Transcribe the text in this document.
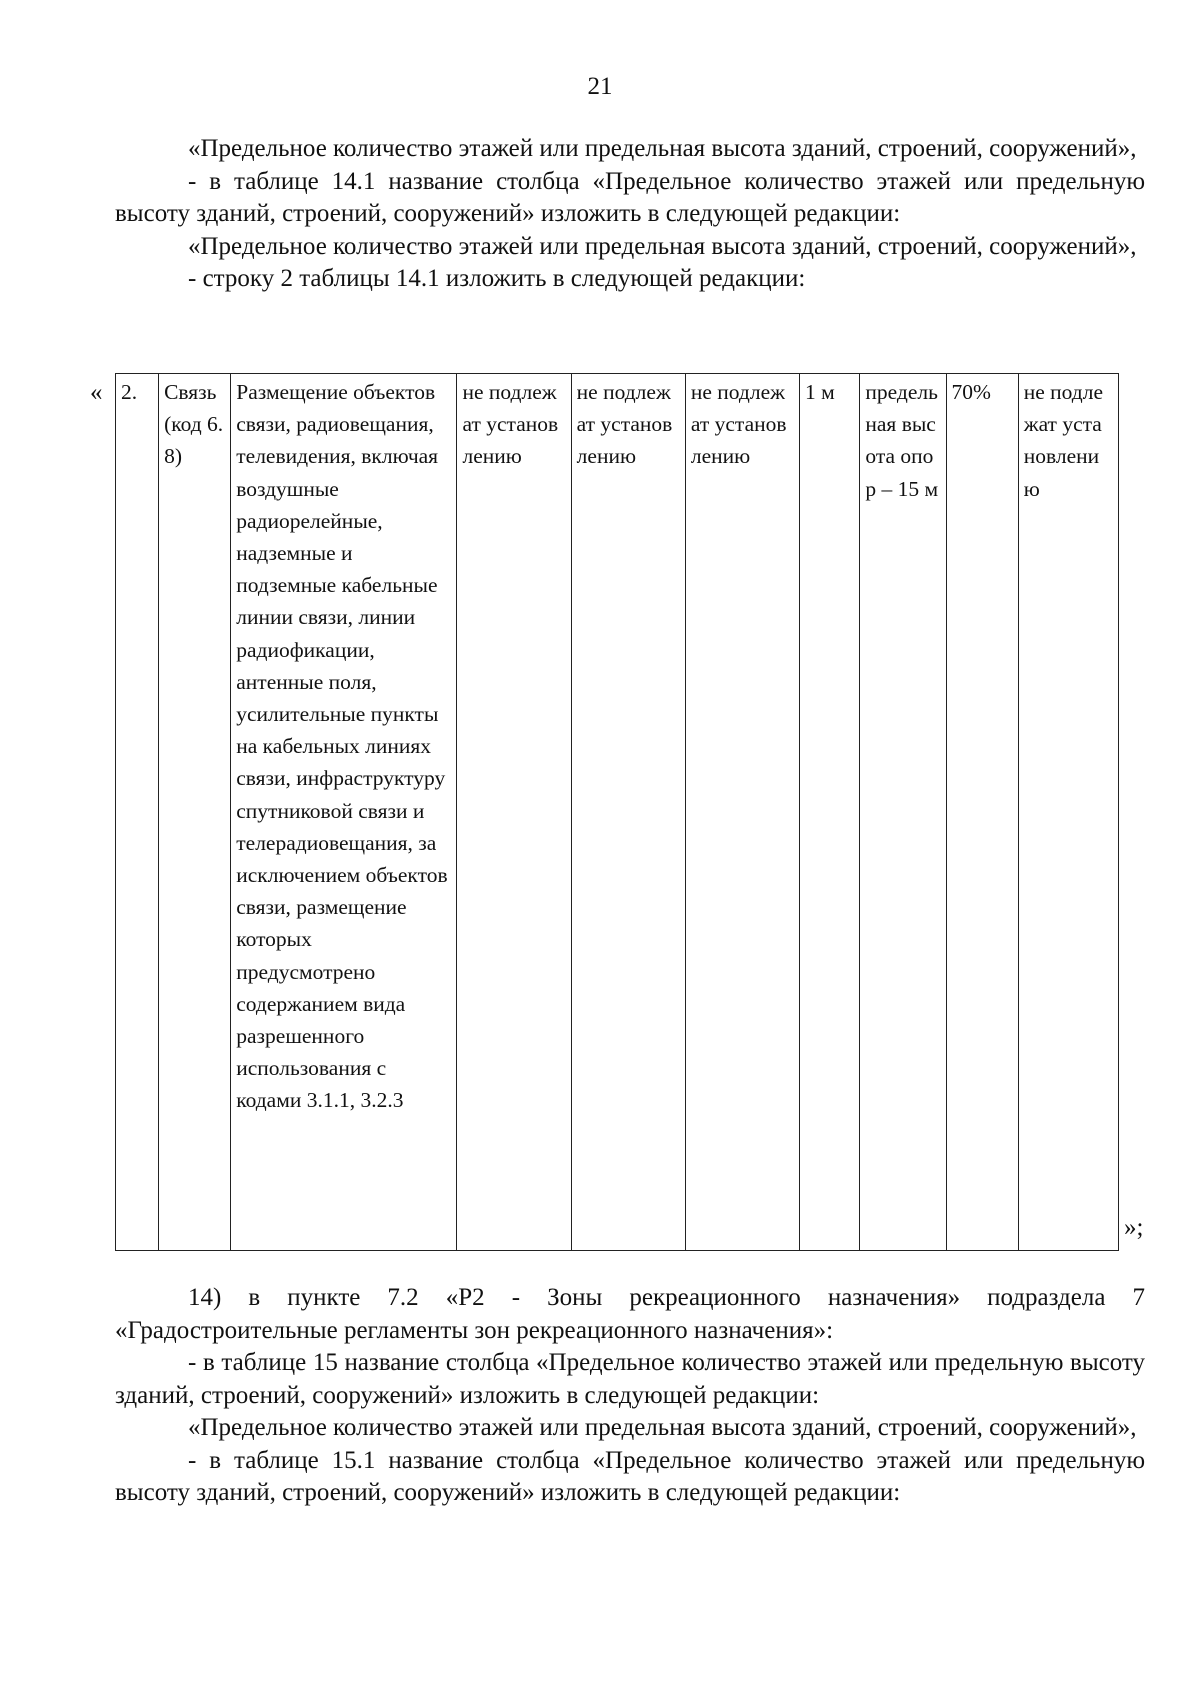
21

«Предельное количество этажей или предельная высота зданий, строений, сооружений»,

- в таблице 14.1 название столбца «Предельное количество этажей или предельную высоту зданий, строений, сооружений» изложить в следующей редакции:

«Предельное количество этажей или предельная высота зданий, строений, сооружений»,

- строку 2 таблицы 14.1 изложить в следующей редакции:

« 2.	Связь (код 6.8)	Размещение объектов связи, радиовещания, телевидения, включая воздушные радиорелейные, надземные и подземные кабельные линии связи, линии радиофикации, антенные поля, усилительные пункты на кабельных линиях связи, инфраструктуру спутниковой связи и телерадиовещания, за исключением объектов связи, размещение которых предусмотрено содержанием вида разрешенного использования с кодами 3.1.1, 3.2.3	не подлежат установлению	не подлежат установлению	не подлежат установлению	1 м	предельная высота опор – 15 м	70%	не подлежат установлению
»;

14) в пункте 7.2 «Р2 - Зоны рекреационного назначения» подраздела 7 «Градостроительные регламенты зон рекреационного назначения»:

- в таблице 15 название столбца «Предельное количество этажей или предельную высоту зданий, строений, сооружений» изложить в следующей редакции:

«Предельное количество этажей или предельная высота зданий, строений, сооружений»,

- в таблице 15.1 название столбца «Предельное количество этажей или предельную высоту зданий, строений, сооружений» изложить в следующей редакции:
